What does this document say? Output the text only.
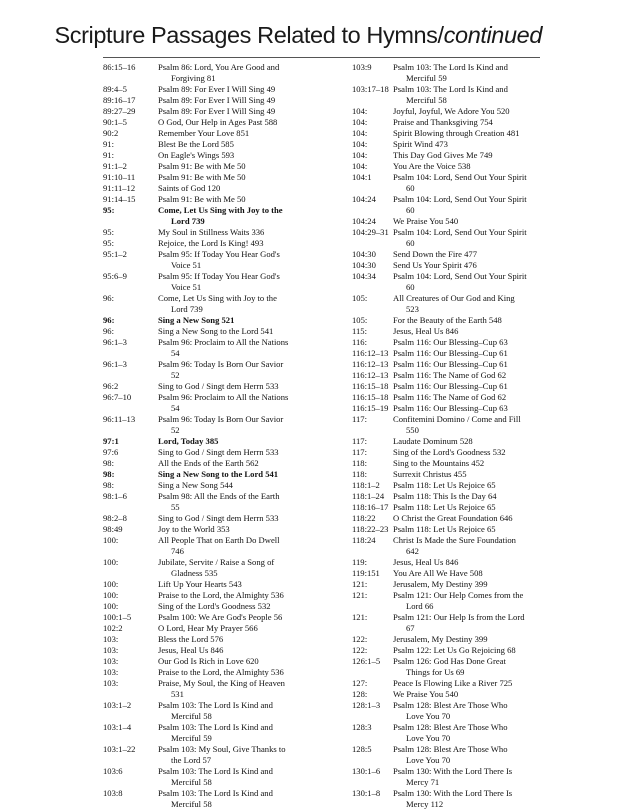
Scripture Passages Related to Hymns/continued
86:15–16	Psalm 86: Lord, You Are Good and
Forgiving 81
89:4–5	Psalm 89: For Ever I Will Sing 49
89:16–17	Psalm 89: For Ever I Will Sing 49
89:27–29	Psalm 89: For Ever I Will Sing 49
90:1–5	O God, Our Help in Ages Past 588
90:2	Remember Your Love 851
91:	Blest Be the Lord 585
91:	On Eagle's Wings 593
91:1–2	Psalm 91: Be with Me 50
91:10–11	Psalm 91: Be with Me 50
91:11–12	Saints of God 120
91:14–15	Psalm 91: Be with Me 50
95:	Come, Let Us Sing with Joy to the
Lord 739
95:	My Soul in Stillness Waits 336
95:	Rejoice, the Lord Is King! 493
95:1–2	Psalm 95: If Today You Hear God's
Voice 51
95:6–9	Psalm 95: If Today You Hear God's
Voice 51
96:	Come, Let Us Sing with Joy to the
Lord 739
96:	Sing a New Song 521
96:	Sing a New Song to the Lord 541
96:1–3	Psalm 96: Proclaim to All the Nations
54
96:1–3	Psalm 96: Today Is Born Our Savior
52
96:2	Sing to God / Singt dem Herrn 533
96:7–10	Psalm 96: Proclaim to All the Nations
54
96:11–13	Psalm 96: Today Is Born Our Savior
52
97:1	Lord, Today 385
97:6	Sing to God / Singt dem Herrn 533
98:	All the Ends of the Earth 562
98:	Sing a New Song to the Lord 541
98:	Sing a New Song 544
98:1–6	Psalm 98: All the Ends of the Earth
55
98:2–8	Sing to God / Singt dem Herrn 533
98:49	Joy to the World 353
100:	All People That on Earth Do Dwell
746
100:	Jubilate, Servite / Raise a Song of
Gladness 535
100:	Lift Up Your Hearts 543
100:	Praise to the Lord, the Almighty 536
100:	Sing of the Lord's Goodness 532
100:1–5	Psalm 100: We Are God's People 56
102:2	O Lord, Hear My Prayer 566
103:	Bless the Lord 576
103:	Jesus, Heal Us 846
103:	Our God Is Rich in Love 620
103:	Praise to the Lord, the Almighty 536
103:	Praise, My Soul, the King of Heaven
531
103:1–2	Psalm 103: The Lord Is Kind and
Merciful 58
103:1–4	Psalm 103: The Lord Is Kind and
Merciful 59
103:1–22	Psalm 103: My Soul, Give Thanks to
the Lord 57
103:6	Psalm 103: The Lord Is Kind and
Merciful 58
103:8	Psalm 103: The Lord Is Kind and
Merciful 58
103:9	Psalm 103: The Lord Is Kind and
Merciful 59
103:17–18 Psalm 103: The Lord Is Kind and
Merciful 58
104:	Joyful, Joyful, We Adore You 520
104:	Praise and Thanksgiving 754
104:	Spirit Blowing through Creation 481
104:	Spirit Wind 473
104:	This Day God Gives Me 749
104:	You Are the Voice 538
104:1	Psalm 104: Lord, Send Out Your Spirit
60
104:24	Psalm 104: Lord, Send Out Your Spirit
60
104:24	We Praise You 540
104:29–31 Psalm 104: Lord, Send Out Your Spirit
60
104:30	Send Down the Fire 477
104:30	Send Us Your Spirit 476
104:34	Psalm 104: Lord, Send Out Your Spirit
60
105:	All Creatures of Our God and King
523
105:	For the Beauty of the Earth 548
115:	Jesus, Heal Us 846
116:	Psalm 116: Our Blessing–Cup 63
116:12–13 Psalm 116: Our Blessing–Cup 61
116:12–13 Psalm 116: Our Blessing–Cup 61
116:12–13 Psalm 116: The Name of God 62
116:15–18 Psalm 116: Our Blessing–Cup 61
116:15–18 Psalm 116: The Name of God 62
116:15–19 Psalm 116: Our Blessing–Cup 63
117:	Confitemini Domino / Come and Fill
550
117:	Laudate Dominum 528
117:	Sing of the Lord's Goodness 532
118:	Sing to the Mountains 452
118:	Surrexit Christus 455
118:1–2	Psalm 118: Let Us Rejoice 65
118:1–24	Psalm 118: This Is the Day 64
118:16–17 Psalm 118: Let Us Rejoice 65
118:22	O Christ the Great Foundation 646
118:22–23 Psalm 118: Let Us Rejoice 65
118:24	Christ Is Made the Sure Foundation
642
119:	Jesus, Heal Us 846
119:151	You Are All We Have 508
121:	Jerusalem, My Destiny 399
121:	Psalm 121: Our Help Comes from the
Lord 66
121:	Psalm 121: Our Help Is from the Lord
67
122:	Jerusalem, My Destiny 399
122:	Psalm 122: Let Us Go Rejoicing 68
126:1–5	Psalm 126: God Has Done Great
Things for Us 69
127:	Peace Is Flowing Like a River 725
128:	We Praise You 540
128:1–3	Psalm 128: Blest Are Those Who
Love You 70
128:3	Psalm 128: Blest Are Those Who
Love You 70
128:5	Psalm 128: Blest Are Those Who
Love You 70
130:1–6	Psalm 130: With the Lord There Is
Mercy 71
130:1–8	Psalm 130: With the Lord There Is
Mercy 112
